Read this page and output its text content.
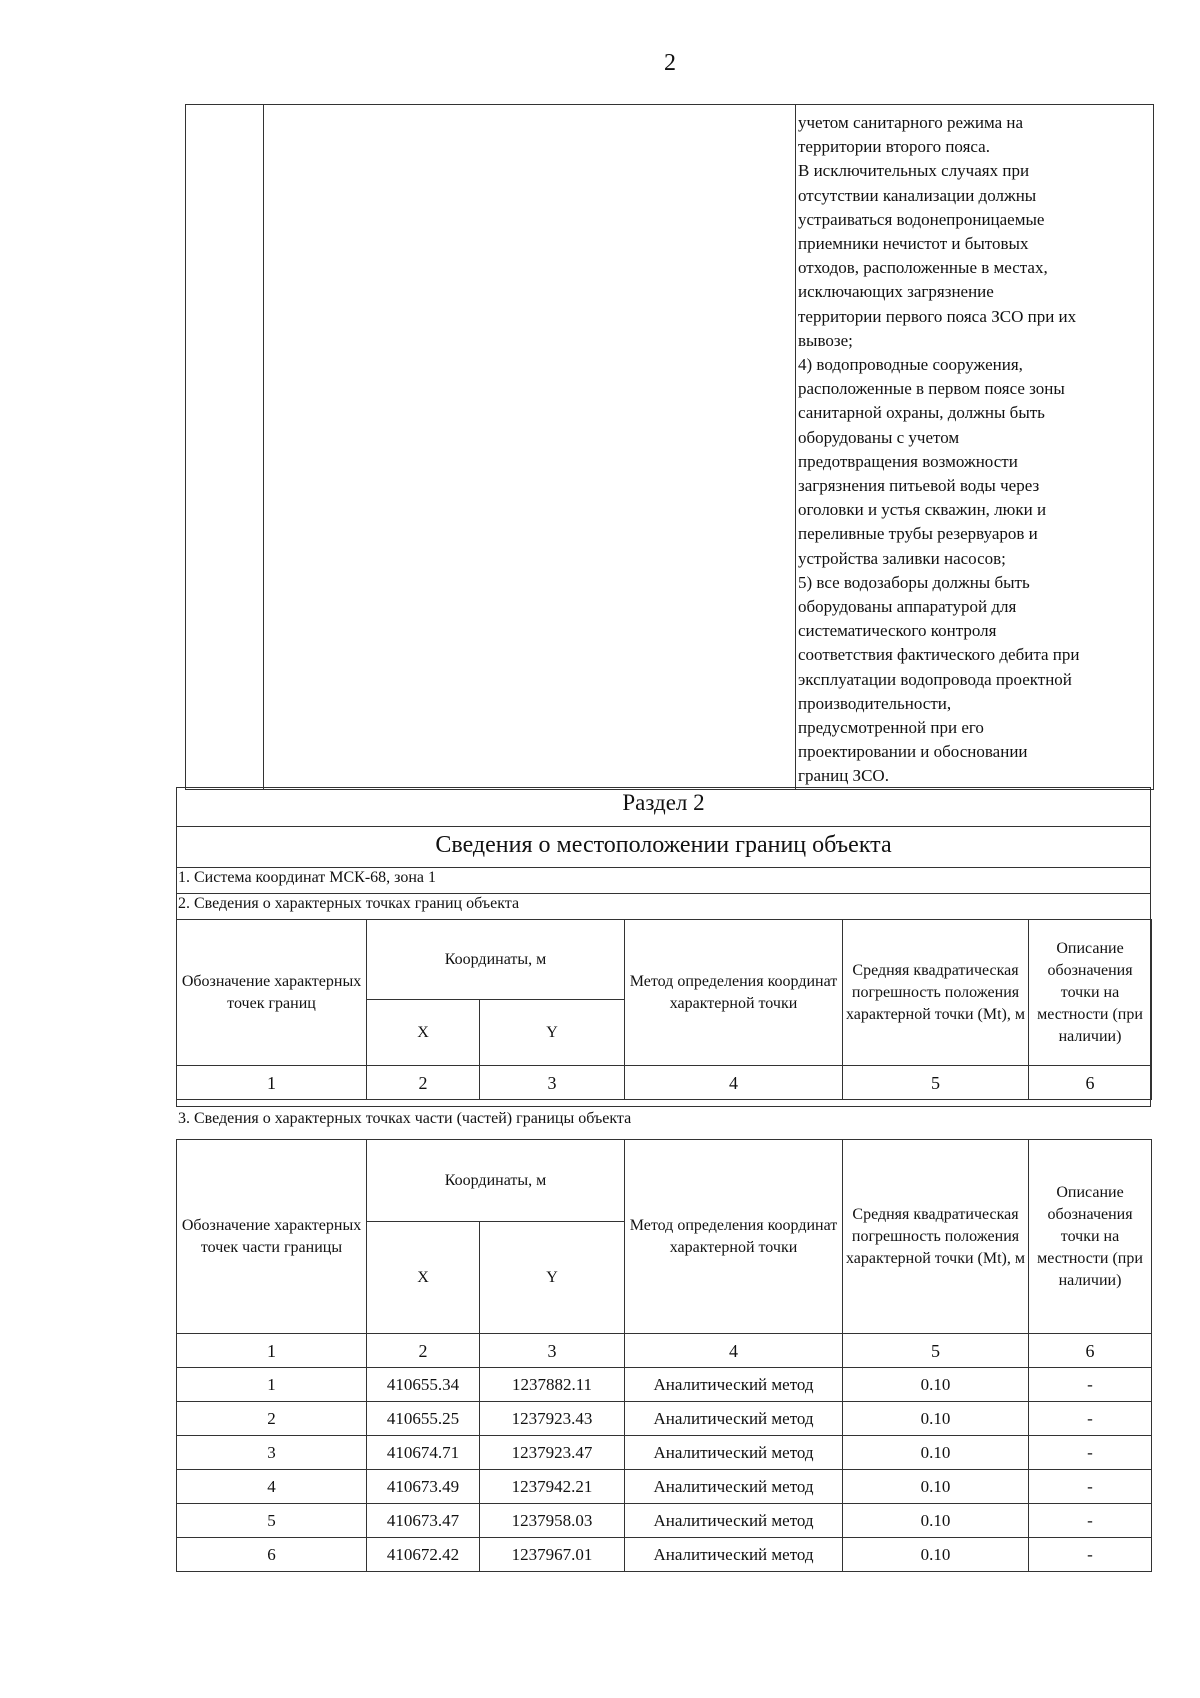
2

учетом санитарного режима на
территории второго пояса.
В исключительных случаях при
отсутствии канализации должны
устраиваться водонепроницаемые
приемники нечистот и бытовых
отходов, расположенные в местах,
исключающих загрязнение
территории первого пояса ЗСО при их
вывозе;
4) водопроводные сооружения,
расположенные в первом поясе зоны
санитарной охраны, должны быть
оборудованы с учетом
предотвращения возможности
загрязнения питьевой воды через
оголовки и устья скважин, люки и
переливные трубы резервуаров и
устройства заливки насосов;
5) все водозаборы должны быть
оборудованы аппаратурой для
систематического контроля
соответствия фактического дебита при
эксплуатации водопровода проектной
производительности,
предусмотренной при его
проектировании и обосновании
границ ЗСО.
Раздел 2
Сведения о местоположении границ объекта
1. Система координат МСК-68, зона 1
2. Сведения о характерных точках границ объекта
3. Сведения о характерных точках части (частей) границы объекта
Обозначение характерных точек границ	Координаты, м		Метод определения координат характерной точки	Средняя квадратическая погрешность положения характерной точки (Mt), м	Описание обозначения точки на местности (при наличии)
	X	Y			
1	2	3	4	5	6
Обозначение характерных точек части границы	Координаты, м		Метод определения координат характерной точки	Средняя квадратическая погрешность положения характерной точки (Mt), м	Описание обозначения точки на местности (при наличии)
	X	Y			
1	2	3	4	5	6
1	410655.34	1237882.11	Аналитический метод	0.10	-
2	410655.25	1237923.43	Аналитический метод	0.10	-
3	410674.71	1237923.47	Аналитический метод	0.10	-
4	410673.49	1237942.21	Аналитический метод	0.10	-
5	410673.47	1237958.03	Аналитический метод	0.10	-
6	410672.42	1237967.01	Аналитический метод	0.10	-
